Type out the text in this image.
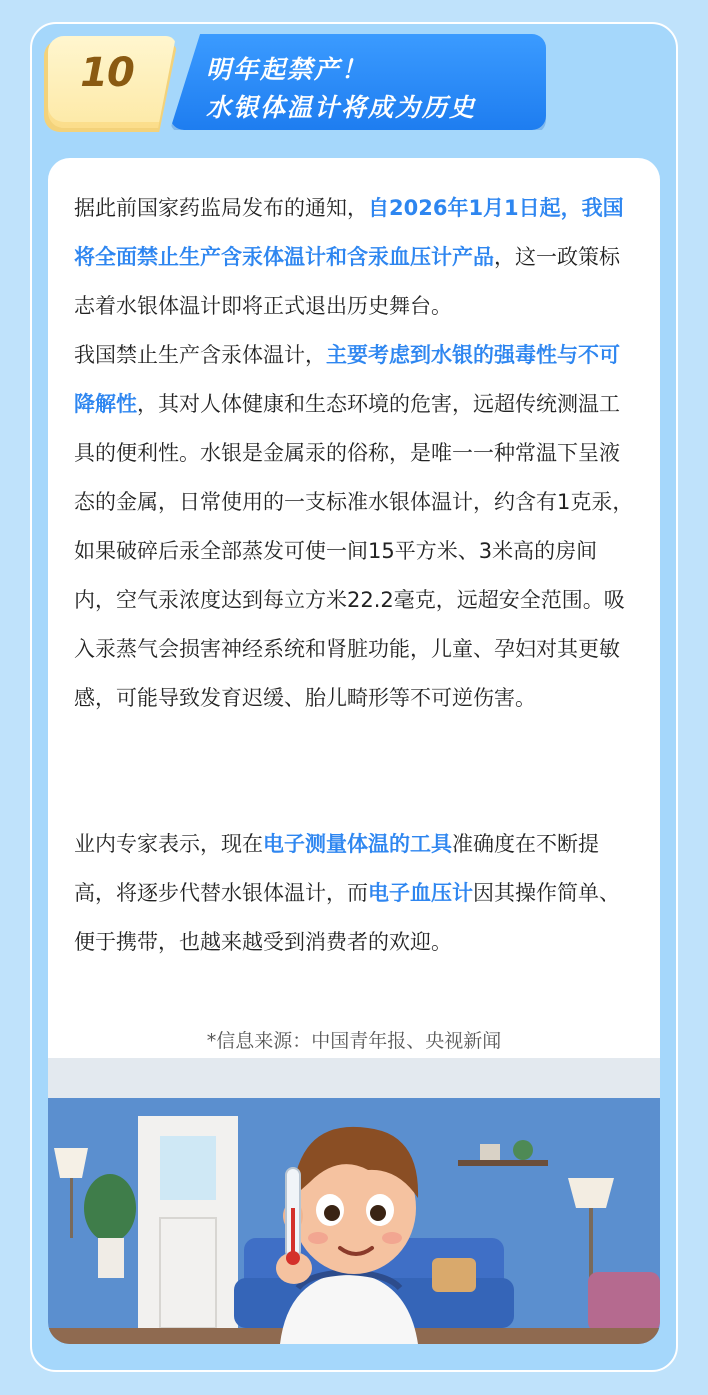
10	明年起禁产！
水银体温计将成为历史
据此前国家药监局发布的通知，自2026年1月1日起，我国将全面禁止生产含汞体温计和含汞血压计产品，这一政策标志着水银体温计即将正式退出历史舞台。
我国禁止生产含汞体温计，主要考虑到水银的强毒性与不可降解性，其对人体健康和生态环境的危害，远超传统测温工具的便利性。水银是金属汞的俗称，是唯一一种常温下呈液态的金属，日常使用的一支标准水银体温计，约含有1克汞，如果破碎后汞全部蒸发可使一间15平方米、3米高的房间内，空气汞浓度达到每立方米22.2毫克，远超安全范围。吸入汞蒸气会损害神经系统和肾脏功能，儿童、孕妇对其更敏感，可能导致发育迟缓、胎儿畸形等不可逆伤害。
业内专家表示，现在电子测量体温的工具准确度在不断提高，将逐步代替水银体温计，而电子血压计因其操作简单、便于携带，也越来越受到消费者的欢迎。
*信息来源：中国青年报、央视新闻
